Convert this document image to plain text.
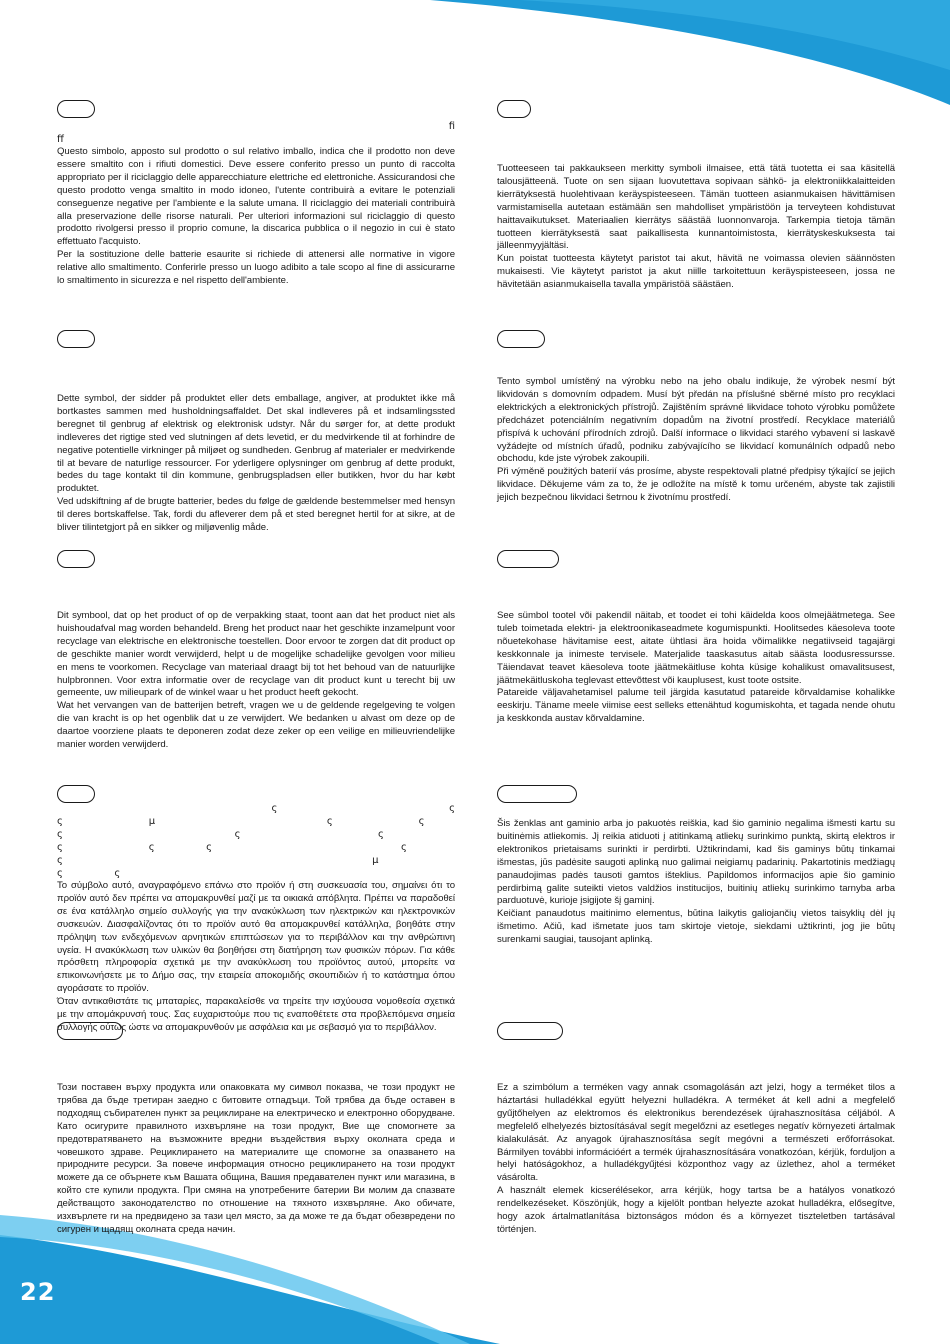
22
fi
ff

Questo simbolo, apposto sul prodotto o sul relativo imballo, indica che il prodotto non deve essere smaltito con i rifiuti domestici. Deve essere conferito presso un punto di raccolta appropriato per il riciclaggio delle apparecchiature elettriche ed elettroniche. Assicurandosi che questo prodotto venga smaltito in modo idoneo, l'utente contribuirà a evitare le potenziali conseguenze negative per l'ambiente e la salute umana. Il riciclaggio dei materiali contribuirà alla preservazione delle risorse naturali. Per ulteriori informazioni sul riciclaggio di questo prodotto rivolgersi presso il proprio comune, la discarica pubblica o il negozio in cui è stato effettuato l'acquisto.

Per la sostituzione delle batterie esaurite si richiede di attenersi alle normative in vigore relative allo smaltimento. Conferirle presso un luogo adibito a tale scopo al fine di assicurarne lo smaltimento in sicurezza e nel rispetto dell'ambiente.

Dette symbol, der sidder på produktet eller dets emballage, angiver, at produktet ikke må bortkastes sammen med husholdningsaffaldet. Det skal indleveres på et indsamlingssted beregnet til genbrug af elektrisk og elektronisk udstyr. Når du sørger for, at dette produkt indleveres det rigtige sted ved slutningen af dets levetid, er du medvirkende til at forhindre de negative potentielle virkninger på miljøet og sundheden. Genbrug af materialer er medvirkende til at bevare de naturlige ressourcer. For yderligere oplysninger om genbrug af dette produkt, bedes du tage kontakt til din kommune, genbrugspladsen eller butikken, hvor du har købt produktet.

Ved udskiftning af de brugte batterier, bedes du følge de gældende bestemmelser med hensyn til deres bortskaffelse. Tak, fordi du afleverer dem på et sted beregnet hertil for at sikre, at de bliver tilintetgjort på en sikker og miljøvenlig måde.

Dit symbool, dat op het product of op de verpakking staat, toont aan dat het product niet als huishoudafval mag worden behandeld. Breng het product naar het geschikte inzamelpunt voor recyclage van elektrische en elektronische toestellen. Door ervoor te zorgen dat dit product op de geschikte manier wordt verwijderd, helpt u de mogelijke schadelijke gevolgen voor milieu en mens te voorkomen. Recyclage van materiaal draagt bij tot het behoud van de natuurlijke hulpbronnen. Voor extra informatie over de recyclage van dit product kunt u terecht bij uw gemeente, uw milieupark of de winkel waar u het product heeft gekocht.

Wat het vervangen van de batterijen betreft, vragen we u de geldende regelgeving te volgen die van kracht is op het ogenblik dat u ze verwijdert. We bedanken u alvast om deze op de daartoe voorziene plaats te deponeren zodat deze zeker op een veilige en milieuvriendelijke manier worden verwijderd.

ς          ς
ς     μ          ς     ς   ς          ς        ς        ς     ς   ς           ς
ς                  μ          ς   ς

Το σύμβολο αυτό, αναγραφόμενο επάνω στο προϊόν ή στη συσκευασία του, σημαίνει ότι το προϊόν αυτό δεν πρέπει να απομακρυνθεί μαζί με τα οικιακά απόβλητα. Πρέπει να παραδοθεί σε ένα κατάλληλο σημείο συλλογής για την ανακύκλωση των ηλεκτρικών και ηλεκτρονικών συσκευών. Διασφαλίζοντας ότι το προϊόν αυτό θα απομακρυνθεί κατάλληλα, βοηθάτε στην πρόληψη των ενδεχόμενων αρνητικών επιπτώσεων για το περιβάλλον και την ανθρώπινη υγεία. Η ανακύκλωση των υλικών θα βοηθήσει στη διατήρηση των φυσικών πόρων. Για κάθε πρόσθετη πληροφορία σχετικά με την ανακύκλωση του προϊόντος αυτού, μπορείτε να επικοινωνήσετε με το Δήμο σας, την εταιρεία αποκομιδής σκουπιδιών ή το κατάστημα όπου αγοράσατε το προϊόν.

Όταν αντικαθιστάτε τις μπαταρίες, παρακαλείσθε να τηρείτε την ισχύουσα νομοθεσία σχετικά με την απομάκρυνσή τους. Σας ευχαριστούμε που τις εναποθέτετε στα προβλεπόμενα σημεία συλλογής ούτως ώστε να απομακρυνθούν με ασφάλεια και με σεβασμό για το περιβάλλον.

Този поставен върху продукта или опаковката му символ показва, че този продукт не трябва да бъде третиран заедно с битовите отпадъци. Той трябва да бъде оставен в подходящ събирателен пункт за рециклиране на електрическо и електронно оборудване. Като осигурите правилното изхвърляне на този продукт, Вие ще спомогнете за предотвратяването на възможните вредни въздействия върху околната среда и човешкото здраве. Рециклирането на материалите ще спомогне за опазването на природните ресурси. За повече информация относно рециклирането на този продукт можете да се обърнете към Вашата община, Вашия предавателен пункт или магазина, в който сте купили продукта. При смяна на употребените батерии Ви молим да спазвате действащото законодателство по отношение на тяхното изхвърляне. Ако обичате, изхвърлете ги на предвидено за тази цел място, за да може те да бъдат обезвредени по сигурен и щадящ околната среда начин.

Tuotteeseen tai pakkaukseen merkitty symboli ilmaisee, että tätä tuotetta ei saa käsitellä talousjätteenä. Tuote on sen sijaan luovutettava sopivaan sähkö- ja elektroniikkalaitteiden kierrätyksestä huolehtivaan keräyspisteeseen. Tämän tuotteen asianmukaisen hävittämisen varmistamisella autetaan estämään sen mahdolliset ympäristöön ja terveyteen kohdistuvat haittavaikutukset. Materiaalien kierrätys säästää luonnonvaroja. Tarkempia tietoja tämän tuotteen kierrätyksestä saat paikallisesta kunnantoimistosta, kierrätyskeskuksesta tai jälleenmyyjältäsi.

Kun poistat tuotteesta käytetyt paristot tai akut, hävitä ne voimassa olevien säännösten mukaisesti. Vie käytetyt paristot ja akut niille tarkoitettuun keräyspisteeseen, jossa ne hävitetään asianmukaisella tavalla ympäristöä säästäen.

Tento symbol umístěný na výrobku nebo na jeho obalu indikuje, že výrobek nesmí být likvidován s domovním odpadem. Musí být předán na příslušné sběrné místo pro recyklaci elektrických a elektronických přístrojů. Zajištěním správné likvidace tohoto výrobku pomůžete předcházet potenciálním negativním dopadům na životní prostředí. Recyklace materiálů přispívá k uchování přírodních zdrojů. Další informace o likvidaci starého vybavení si laskavě vyžádejte od místních úřadů, podniku zabývajícího se likvidací komunálních odpadů nebo obchodu, kde jste výrobek zakoupili.

Při výměně použitých baterií vás prosíme, abyste respektovali platné předpisy týkající se jejich likvidace. Děkujeme vám za to, že je odložíte na místě k tomu určeném, abyste tak zajistili jejich bezpečnou likvidaci šetrnou k životnímu prostředí.

See sümbol tootel või pakendil näitab, et toodet ei tohi käidelda koos olmejäätmetega. See tuleb toimetada elektri- ja elektroonikaseadmete kogumispunkti. Hoolitsedes käesoleva toote nõuetekohase hävitamise eest, aitate ühtlasi ära hoida võimalikke negatiivseid tagajärgi keskkonnale ja inimeste tervisele. Materjalide taaskasutus aitab säästa loodusressursse. Täiendavat teavet käesoleva toote jäätmekäitluse kohta küsige kohalikust omavalitsusest, jäätmekäitluskoha teglevast ettevõttest või kauplusest, kust toote ostsite.

Patareide väljavahetamisel palume teil järgida kasutatud patareide kõrvaldamise kohalikke eeskirju. Täname meele viimise eest selleks ettenähtud kogumiskohta, et tagada nende ohutu ja keskkonda austav kõrvaldamine.

Šis ženklas ant gaminio arba jo pakuotės reiškia, kad šio gaminio negalima išmesti kartu su buitinėmis atliekomis. Jį reikia atiduoti į atitinkamą atliekų surinkimo punktą, skirtą elektros ir elektronikos prietaisams surinkti ir perdirbti. Užtikrindami, kad šis gaminys būtų tinkamai išmestas, jūs padėsite saugoti aplinką nuo galimai neigiamų padarinių. Pakartotinis medžiagų panaudojimas padės tausoti gamtos išteklius. Papildomos informacijos apie šio gaminio perdirbimą galite suteikti vietos valdžios institucijos, buitinių atliekų surinkimo tarnyba arba parduotuvė, kurioje įsigijote šį gaminį.

Keičiant panaudotus maitinimo elementus, būtina laikytis galiojančių vietos taisyklių dėl jų išmetimo. Ačiū, kad išmetate juos tam skirtoje vietoje, siekdami užtikrinti, jog jie būtų surenkami saugiai, tausojant aplinką.

Ez a szimbólum a terméken vagy annak csomagolásán azt jelzi, hogy a terméket tilos a háztartási hulladékkal együtt helyezni hulladékra. A terméket át kell adni a megfelelő gyűjtőhelyen az elektromos és elektronikus berendezések újrahasznosítása céljából. A megfelelő elhelyezés biztosításával segít megelőzni az esetleges negatív környezeti ártalmak kialakulását. Az anyagok újrahasznosítása segít megóvni a természeti erőforrásokat. Bármilyen további információért a termék újrahasznosítására vonatkozóan, kérjük, forduljon a helyi hatóságokhoz, a hulladékgyűjtési központhoz vagy az üzlethez, ahol a terméket vásárolta.

A használt elemek kicserélésekor, arra kérjük, hogy tartsa be a hatályos vonatkozó rendelkezéseket. Köszönjük, hogy a kijelölt pontban helyezte azokat hulladékra, elősegítve, hogy azok ártalmatlanítása biztonságos módon és a környezet tiszteletben tartásával történjen.
